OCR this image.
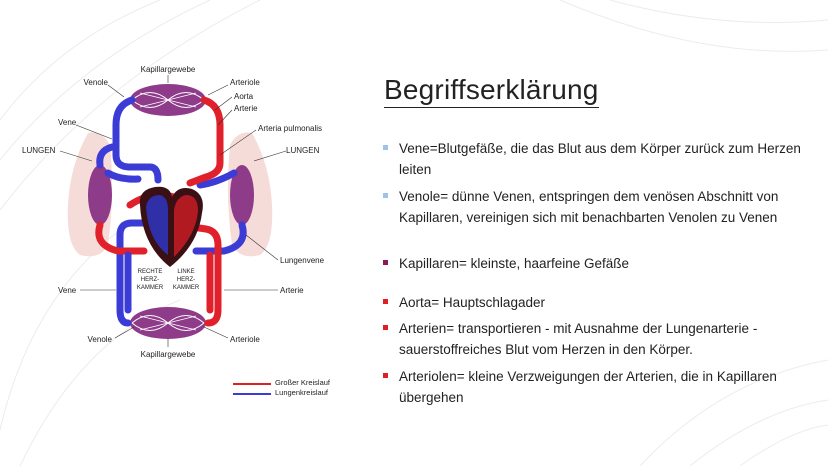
Kapillargewebe
Venole	Arteriole
Aorta
Arterie
Vene
Arteria pulmonalis
LUNGEN	LUNGEN
Lungenvene
Vene	Arterie
Venole	Arteriole
Kapillargewebe
RECHTE
HERZ-
KAMMER
LINKE
HERZ-
KAMMER
Großer Kreislauf
Lungenkreislauf
Begriffserklärung
Vene=Blutgefäße, die das Blut aus dem Körper zurück zum Herzen leiten
Venole= dünne Venen, entspringen dem venösen Abschnitt von Kapillaren, vereinigen sich mit benachbarten Venolen zu Venen
Kapillaren= kleinste, haarfeine Gefäße
Aorta= Hauptschlagader
Arterien= transportieren - mit Ausnahme der Lungenarterie - sauerstoffreiches Blut vom Herzen in den Körper.
Arteriolen= kleine Verzweigungen der Arterien, die in Kapillaren übergehen
